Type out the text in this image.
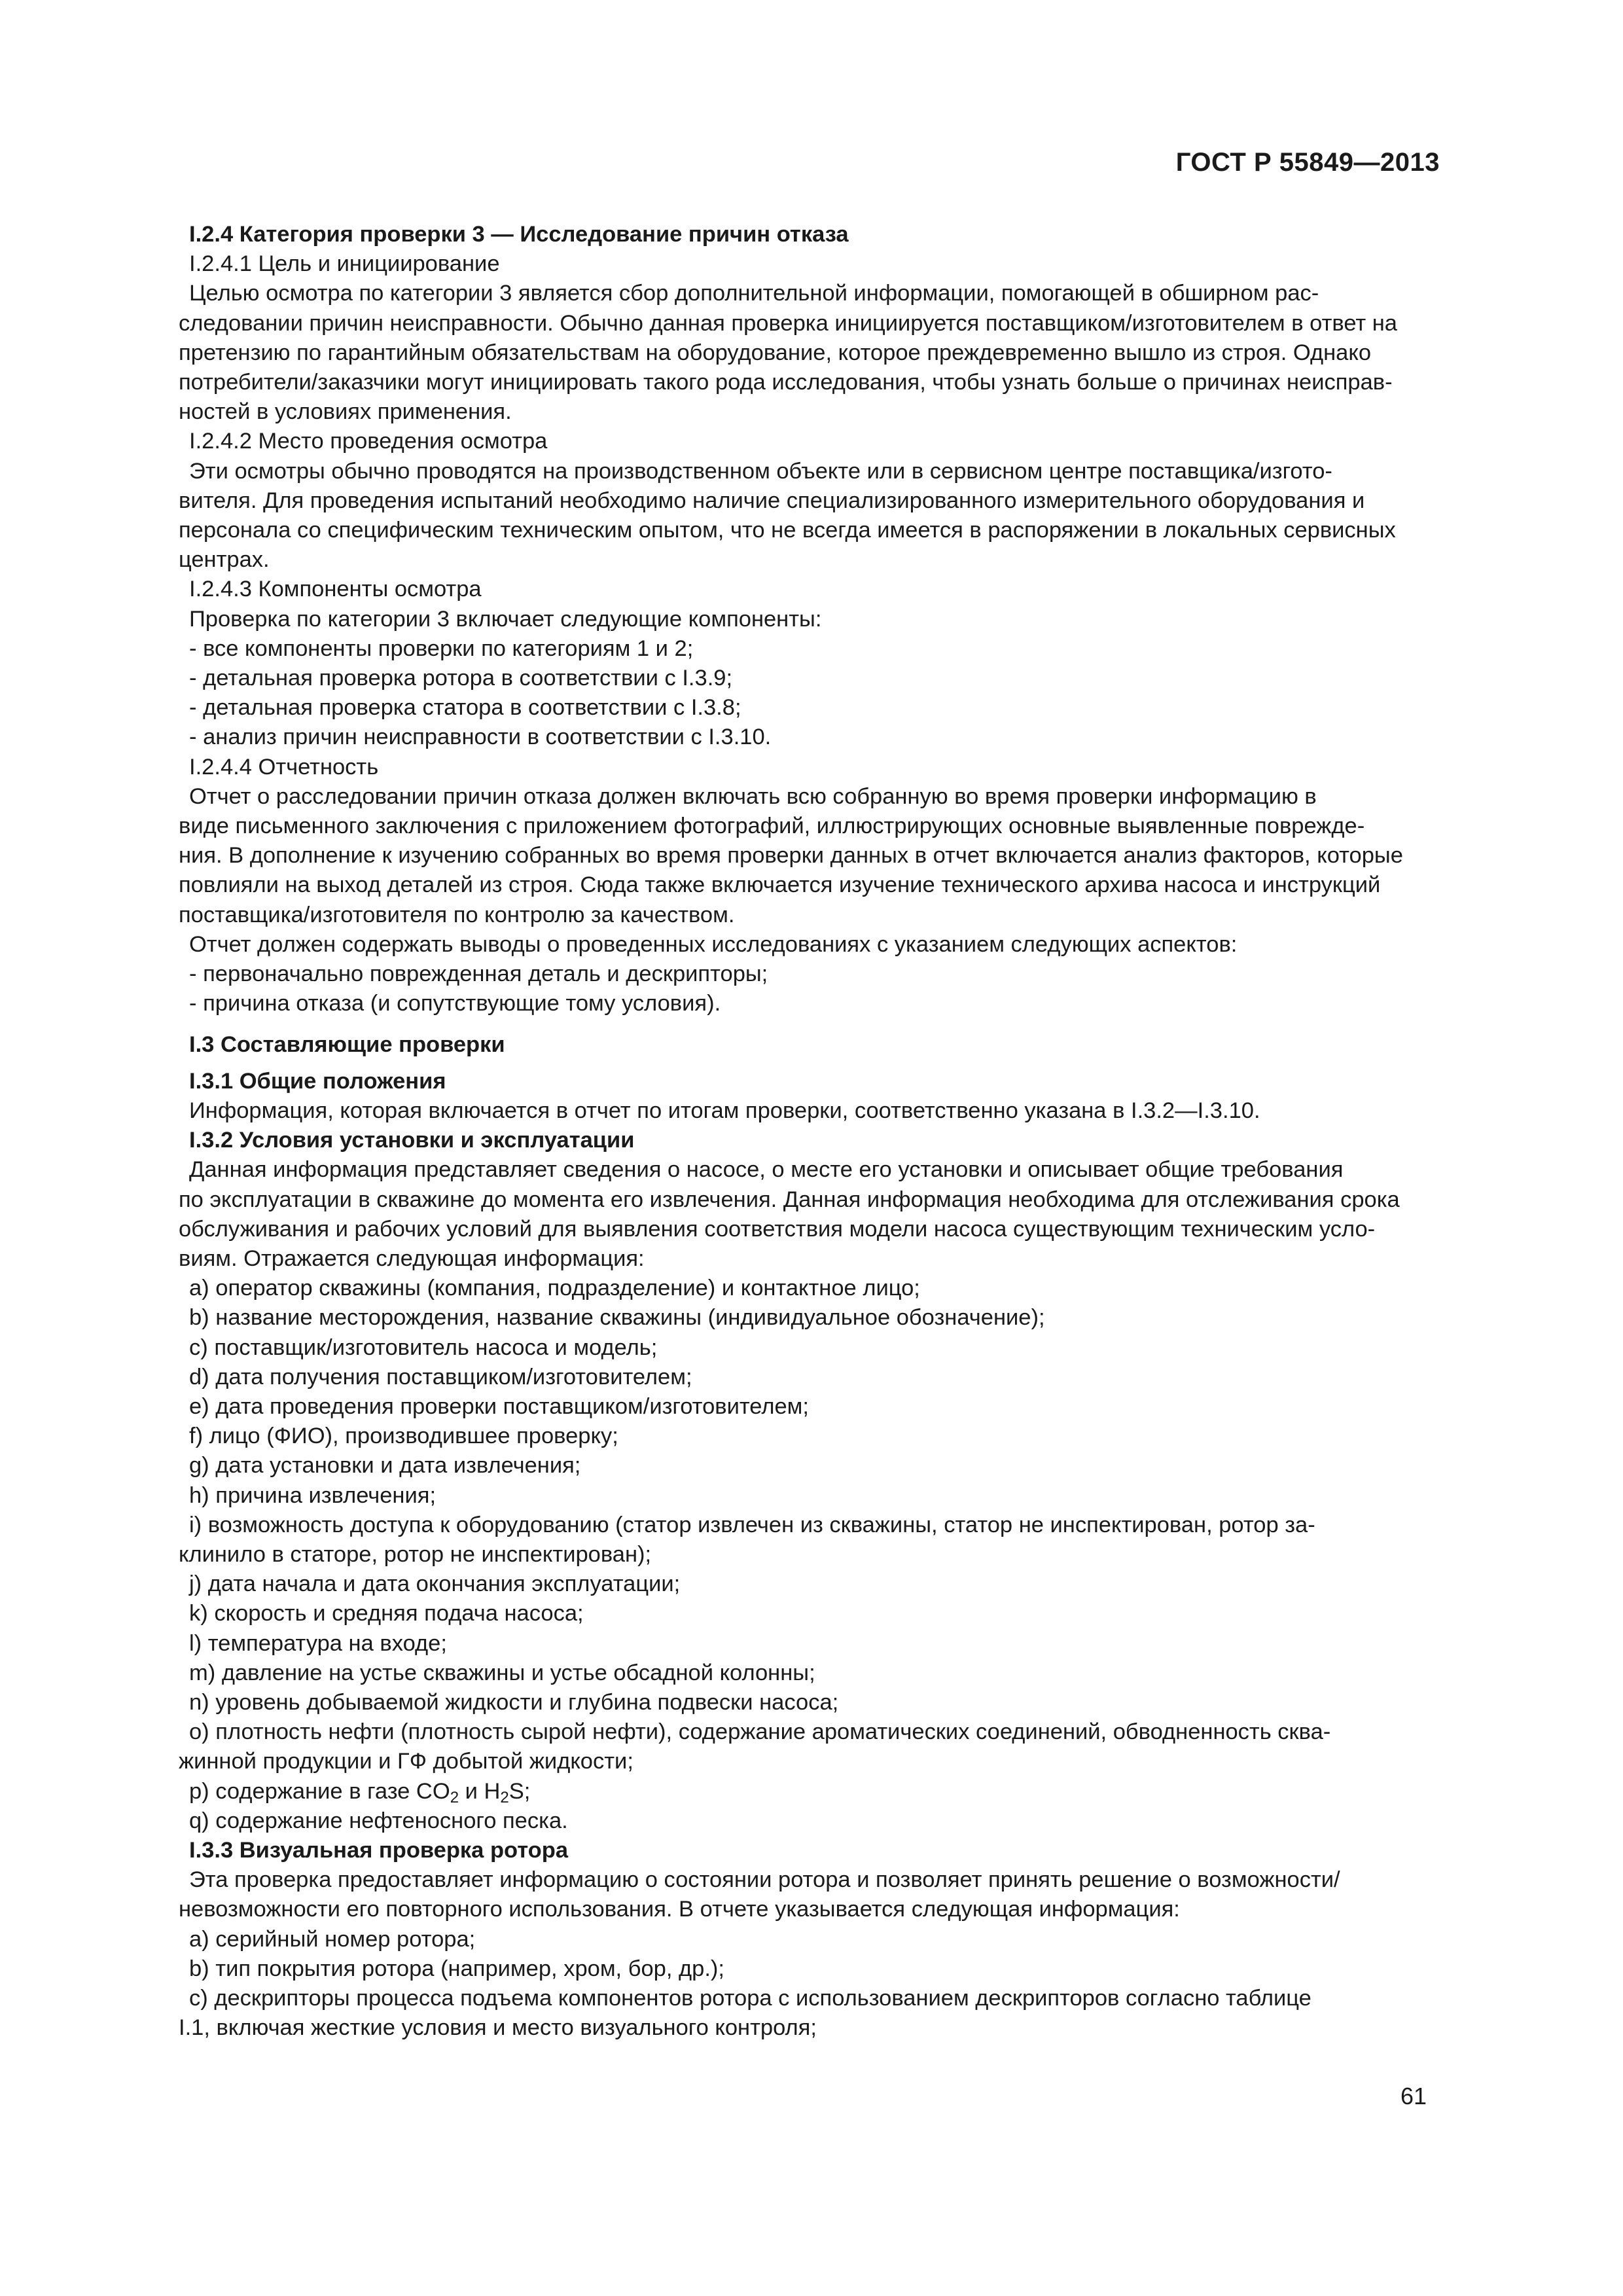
ГОСТ Р 55849—2013

I.2.4 Категория проверки 3 — Исследование причин отказа

I.2.4.1 Цель и инициирование

Целью осмотра по категории 3 является сбор дополнительной информации, помогающей в обширном рас-

следовании причин неисправности. Обычно данная проверка инициируется поставщиком/изготовителем в ответ на

претензию по гарантийным обязательствам на оборудование, которое преждевременно вышло из строя. Однако

потребители/заказчики могут инициировать такого рода исследования, чтобы узнать больше о причинах неисправ-

ностей в условиях применения.

I.2.4.2 Место проведения осмотра

Эти осмотры обычно проводятся на производственном объекте или в сервисном центре поставщика/изгото-

вителя. Для проведения испытаний необходимо наличие специализированного измерительного оборудования и

персонала со специфическим техническим опытом, что не всегда имеется в распоряжении в локальных сервисных

центрах.

I.2.4.3 Компоненты осмотра

Проверка по категории 3 включает следующие компоненты:

- все компоненты проверки по категориям 1 и 2;

- детальная проверка ротора в соответствии с I.3.9;

- детальная проверка статора в соответствии с I.3.8;

- анализ причин неисправности в соответствии с I.3.10.

I.2.4.4 Отчетность

Отчет о расследовании причин отказа должен включать всю собранную во время проверки информацию в

виде письменного заключения с приложением фотографий, иллюстрирующих основные выявленные поврежде-

ния. В дополнение к изучению собранных во время проверки данных в отчет включается анализ факторов, которые

повлияли на выход деталей из строя. Сюда также включается изучение технического архива насоса и инструкций

поставщика/изготовителя по контролю за качеством.

Отчет должен содержать выводы о проведенных исследованиях с указанием следующих аспектов:

- первоначально поврежденная деталь и дескрипторы;

- причина отказа (и сопутствующие тому условия).

I.3 Составляющие проверки

I.3.1 Общие положения

Информация, которая включается в отчет по итогам проверки, соответственно указана в I.3.2—I.3.10.

I.3.2 Условия установки и эксплуатации

Данная информация представляет сведения о насосе, о месте его установки и описывает общие требования

по эксплуатации в скважине до момента его извлечения. Данная информация необходима для отслеживания срока

обслуживания и рабочих условий для выявления соответствия модели насоса существующим техническим усло-

виям. Отражается следующая информация:

a) оператор скважины (компания, подразделение) и контактное лицо;

b) название месторождения, название скважины (индивидуальное обозначение);

c) поставщик/изготовитель насоса и модель;

d) дата получения поставщиком/изготовителем;

e) дата проведения проверки поставщиком/изготовителем;

f) лицо (ФИО), производившее проверку;

g) дата установки и дата извлечения;

h) причина извлечения;

i) возможность доступа к оборудованию (статор извлечен из скважины, статор не инспектирован, ротор за-

клинило в статоре, ротор не инспектирован);

j) дата начала и дата окончания эксплуатации;

k) скорость и средняя подача насоса;

l) температура на входе;

m) давление на устье скважины и устье обсадной колонны;

n) уровень добываемой жидкости и глубина подвески насоса;

o) плотность нефти (плотность сырой нефти), содержание ароматических соединений, обводненность сква-

жинной продукции и ГФ добытой жидкости;

p) содержание в газе $CO_2$ и $H_2S$;

q) содержание нефтеносного песка.

I.3.3 Визуальная проверка ротора

Эта проверка предоставляет информацию о состоянии ротора и позволяет принять решение о возможности/

невозможности его повторного использования. В отчете указывается следующая информация:

a) серийный номер ротора;

b) тип покрытия ротора (например, хром, бор, др.);

c) дескрипторы процесса подъема компонентов ротора с использованием дескрипторов согласно таблице

I.1, включая жесткие условия и место визуального контроля;

61
